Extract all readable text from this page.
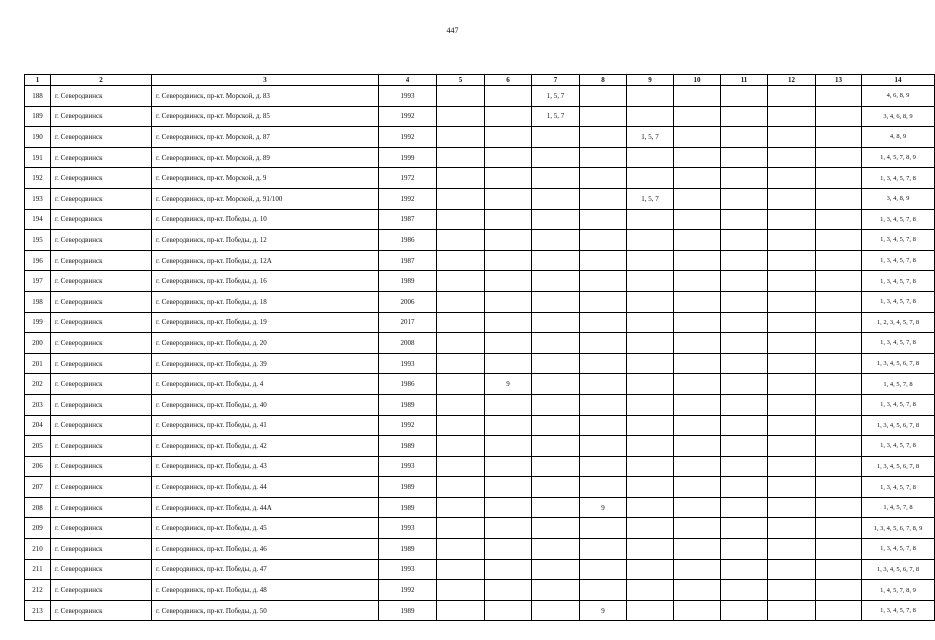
447
1	2	3	4	5	6	7	8	9	10	11	12	13	14
188	г. Северодвинск	г. Северодвинск, пр-кт. Морской, д. 83	1993			1, 5, 7							4, 6, 8, 9
189	г. Северодвинск	г. Северодвинск, пр-кт. Морской, д. 85	1992			1, 5, 7							3, 4, 6, 8, 9
190	г. Северодвинск	г. Северодвинск, пр-кт. Морской, д. 87	1992					1, 5, 7					4, 8, 9
191	г. Северодвинск	г. Северодвинск, пр-кт. Морской, д. 89	1999										1, 4, 5, 7, 8, 9
192	г. Северодвинск	г. Северодвинск, пр-кт. Морской, д. 9	1972										1, 3, 4, 5, 7, 8
193	г. Северодвинск	г. Северодвинск, пр-кт. Морской, д. 91/100	1992					1, 5, 7					3, 4, 8, 9
194	г. Северодвинск	г. Северодвинск, пр-кт. Победы, д. 10	1987										1, 3, 4, 5, 7, 8
195	г. Северодвинск	г. Северодвинск, пр-кт. Победы, д. 12	1986										1, 3, 4, 5, 7, 8
196	г. Северодвинск	г. Северодвинск, пр-кт. Победы, д. 12А	1987										1, 3, 4, 5, 7, 8
197	г. Северодвинск	г. Северодвинск, пр-кт. Победы, д. 16	1989										1, 3, 4, 5, 7, 8
198	г. Северодвинск	г. Северодвинск, пр-кт. Победы, д. 18	2006										1, 3, 4, 5, 7, 8
199	г. Северодвинск	г. Северодвинск, пр-кт. Победы, д. 19	2017										1, 2, 3, 4, 5, 7, 8
200	г. Северодвинск	г. Северодвинск, пр-кт. Победы, д. 20	2008										1, 3, 4, 5, 7, 8
201	г. Северодвинск	г. Северодвинск, пр-кт. Победы, д. 39	1993										1, 3, 4, 5, 6, 7, 8
202	г. Северодвинск	г. Северодвинск, пр-кт. Победы, д. 4	1986		9								1, 4, 5, 7, 8
203	г. Северодвинск	г. Северодвинск, пр-кт. Победы, д. 40	1989										1, 3, 4, 5, 7, 8
204	г. Северодвинск	г. Северодвинск, пр-кт. Победы, д. 41	1992										1, 3, 4, 5, 6, 7, 8
205	г. Северодвинск	г. Северодвинск, пр-кт. Победы, д. 42	1989										1, 3, 4, 5, 7, 8
206	г. Северодвинск	г. Северодвинск, пр-кт. Победы, д. 43	1993										1, 3, 4, 5, 6, 7, 8
207	г. Северодвинск	г. Северодвинск, пр-кт. Победы, д. 44	1989										1, 3, 4, 5, 7, 8
208	г. Северодвинск	г. Северодвинск, пр-кт. Победы, д. 44А	1989				9						1, 4, 5, 7, 8
209	г. Северодвинск	г. Северодвинск, пр-кт. Победы, д. 45	1993										1, 3, 4, 5, 6, 7, 8, 9
210	г. Северодвинск	г. Северодвинск, пр-кт. Победы, д. 46	1989										1, 3, 4, 5, 7, 8
211	г. Северодвинск	г. Северодвинск, пр-кт. Победы, д. 47	1993										1, 3, 4, 5, 6, 7, 8
212	г. Северодвинск	г. Северодвинск, пр-кт. Победы, д. 48	1992										1, 4, 5, 7, 8, 9
213	г. Северодвинск	г. Северодвинск, пр-кт. Победы, д. 50	1989				9						1, 3, 4, 5, 7, 8
